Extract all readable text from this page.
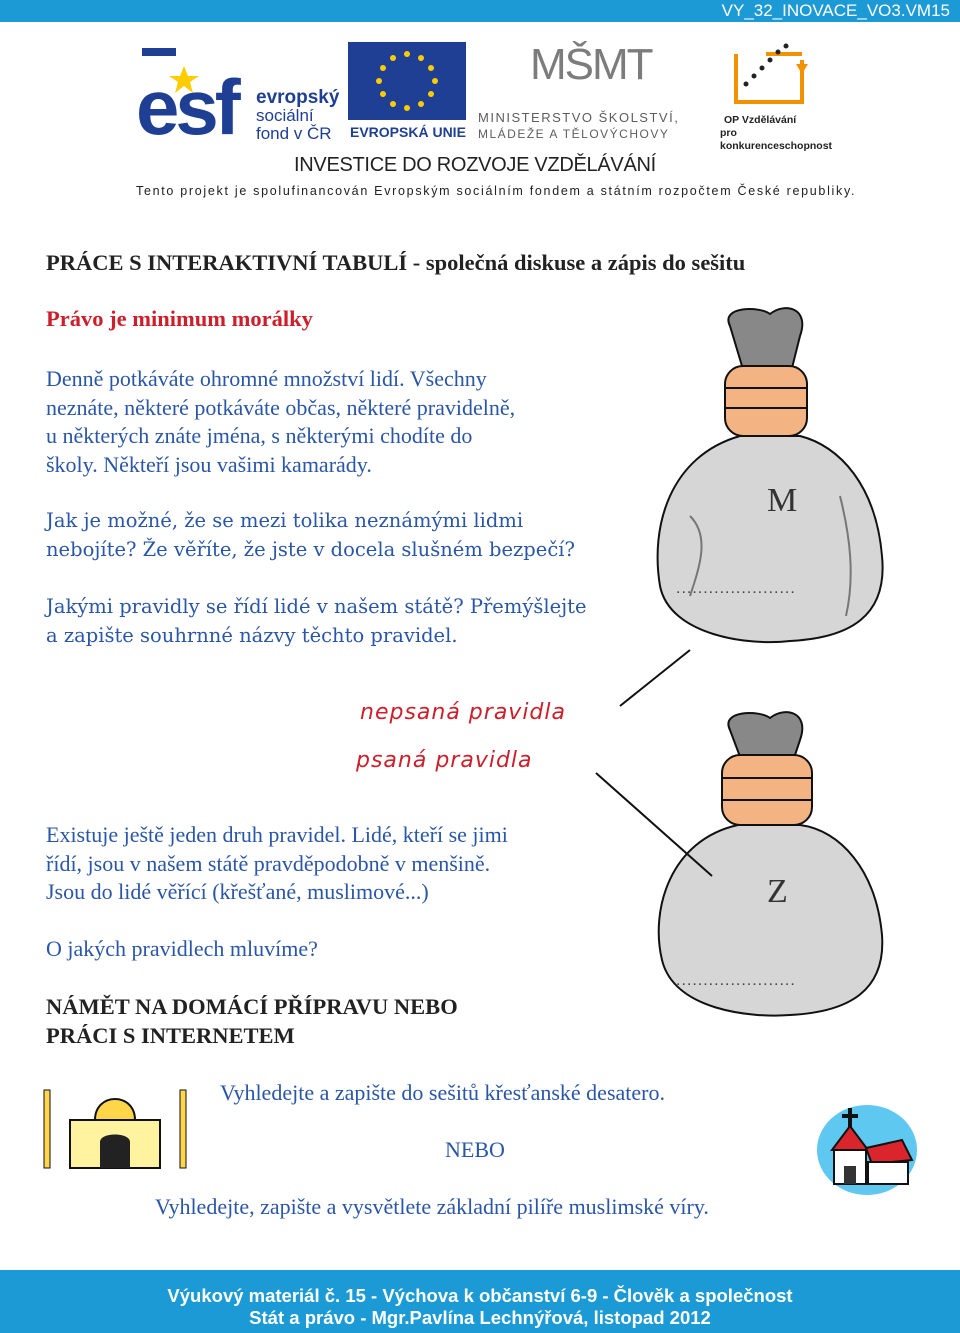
VY_32_INOVACE_VO3.VM15
esf evropský
sociální
fond v ČR EVROPSKÁ UNIE
MŠMT
MINISTERSTVO ŠKOLSTVÍ,
MLÁDEŽE A TĚLOVÝCHOVY
OP Vzdělávání
pro konkurenceschopnost
INVESTICE DO ROZVOJE VZDĚLÁVÁNÍ
Tento projekt je spolufinancován Evropským sociálním fondem a státním rozpočtem České republiky.
PRÁCE S INTERAKTIVNÍ TABULÍ - společná diskuse a zápis do sešitu
Právo je minimum morálky
Denně potkáváte ohromné množství lidí. Všechny
neznáte, některé potkáváte občas, některé pravidelně,
u některých znáte jména, s některými chodíte do
školy. Někteří jsou vašimi kamarády.
Jak je možné, že se mezi tolika neznámými lidmi
nebojíte? Že věříte, že jste v docela slušném bezpečí?
Jakými pravidly se řídí lidé v našem státě? Přemýšlejte
a zapište souhrnné názvy těchto pravidel.
nepsaná pravidla
psaná pravidla
Existuje ještě jeden druh pravidel. Lidé, kteří se jimi
řídí, jsou v našem státě pravděpodobně v menšině.
Jsou do lidé věřící (křešťané, muslimové...)
O jakých pravidlech mluvíme?
M
......................
Z
......................
NÁMĚT NA DOMÁCÍ PŘÍPRAVU NEBO
PRÁCI S INTERNETEM
Vyhledejte a zapište do sešitů křesťanské desatero.
NEBO
Vyhledejte, zapište a vysvětlete základní pilíře muslimské víry.
Výukový materiál č. 15 - Výchova k občanství 6-9 - Člověk a společnost
Stát a právo - Mgr.Pavlína Lechnýřová, listopad 2012
